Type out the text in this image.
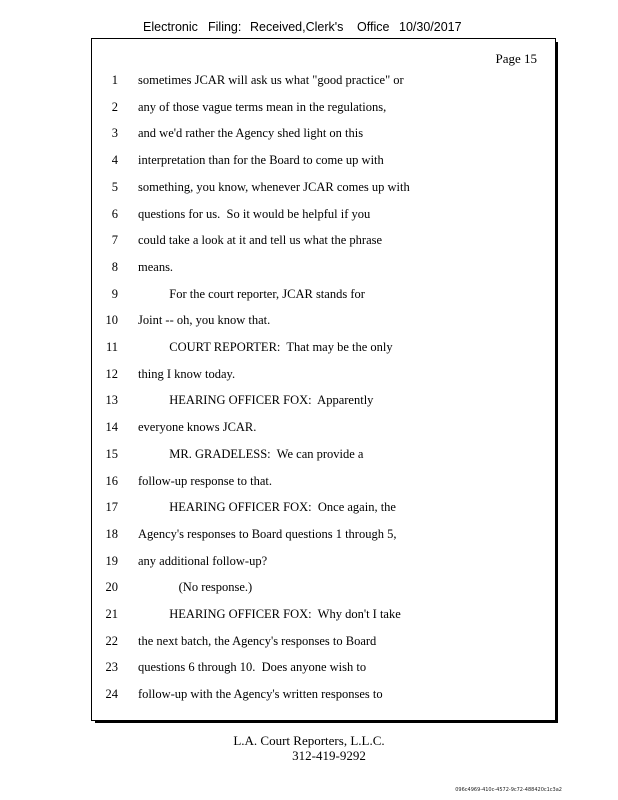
Electronic Filing: Received,Clerk's Office 10/30/2017
Page 15
1 sometimes JCAR will ask us what "good practice" or
2 any of those vague terms mean in the regulations,
3 and we'd rather the Agency shed light on this
4 interpretation than for the Board to come up with
5 something, you know, whenever JCAR comes up with
6 questions for us.  So it would be helpful if you
7 could take a look at it and tell us what the phrase
8 means.
9 For the court reporter, JCAR stands for
10 Joint -- oh, you know that.
11 COURT REPORTER:  That may be the only
12 thing I know today.
13 HEARING OFFICER FOX:  Apparently
14 everyone knows JCAR.
15 MR. GRADELESS:  We can provide a
16 follow-up response to that.
17 HEARING OFFICER FOX:  Once again, the
18 Agency's responses to Board questions 1 through 5,
19 any additional follow-up?
20 (No response.)
21 HEARING OFFICER FOX:  Why don't I take
22 the next batch, the Agency's responses to Board
23 questions 6 through 10.  Does anyone wish to
24 follow-up with the Agency's written responses to
L.A. Court Reporters, L.L.C.
312-419-9292
096c4969-410c-4572-9c72-488420c1c3a2
